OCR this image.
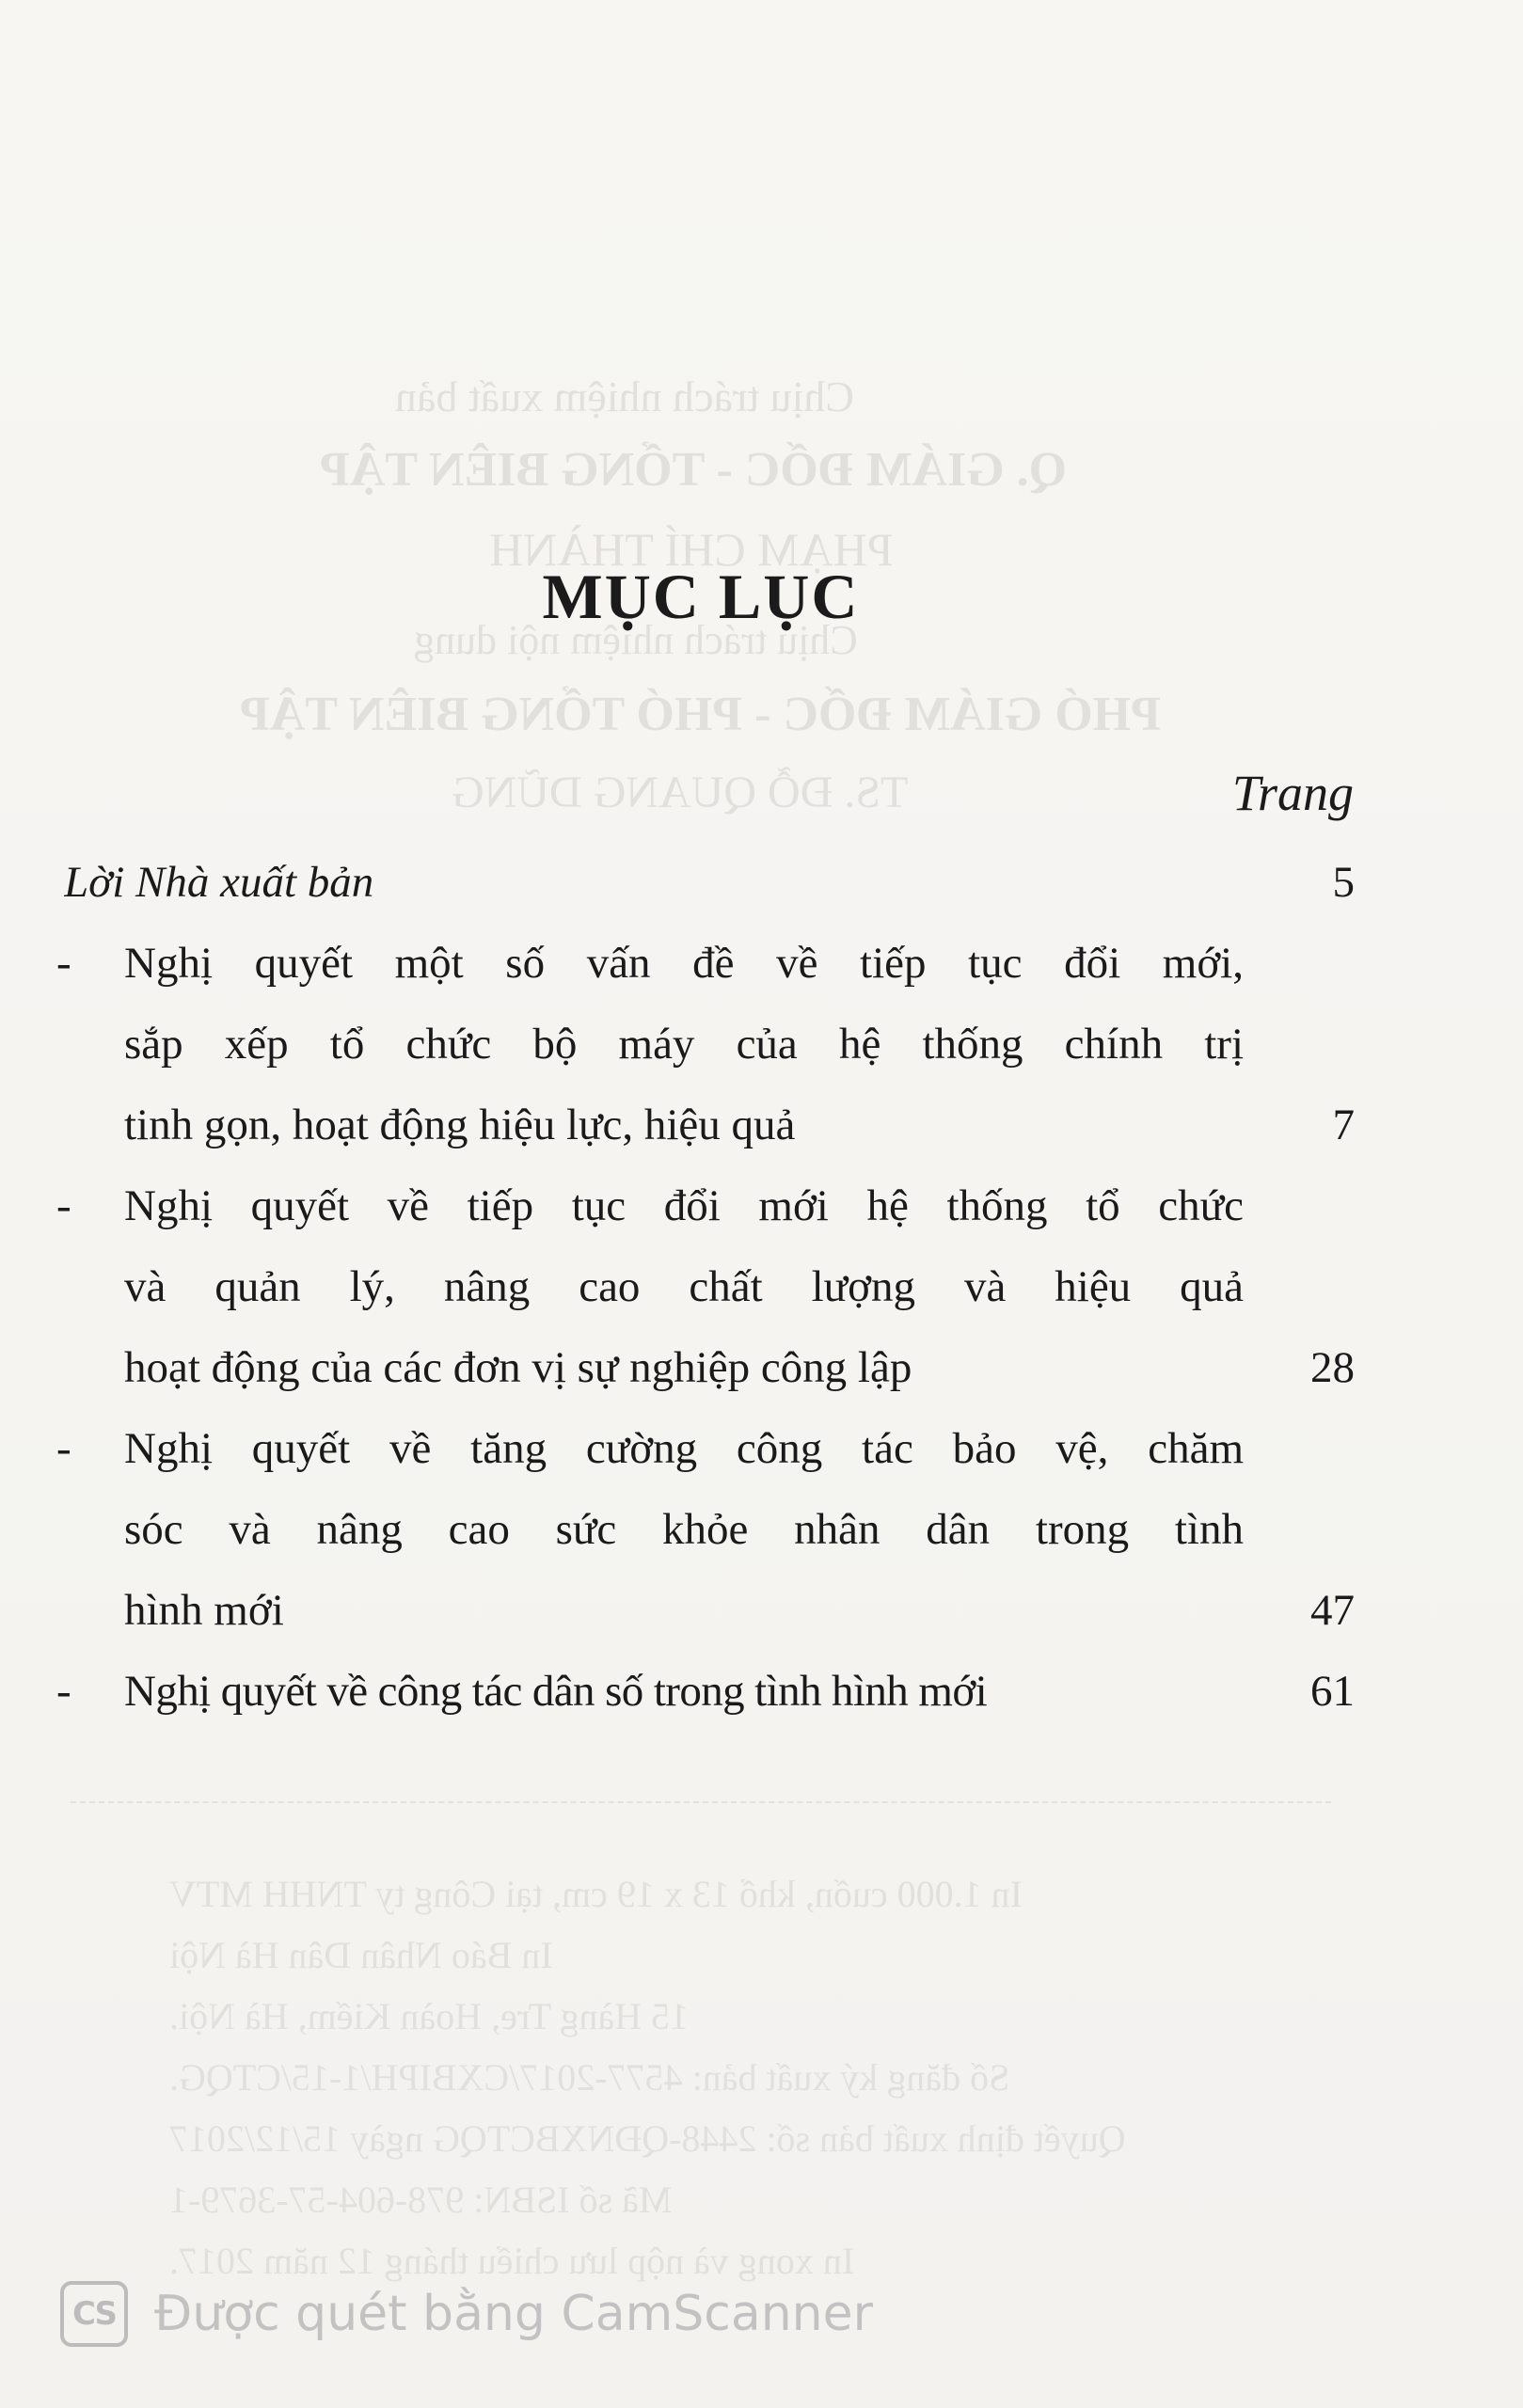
Chịu trách nhiệm xuất bản
Q. GIÁM ĐỐC - TỔNG BIÊN TẬP
PHẠM CHÍ THÀNH
Chịu trách nhiệm nội dung
PHÓ GIÁM ĐỐC - PHÓ TỔNG BIÊN TẬP
TS. ĐỖ QUANG DŨNG
In 1.000 cuốn, khổ 13 x 19 cm, tại Công ty TNHH MTV
In Báo Nhân Dân Hà Nội
15 Hàng Tre, Hoàn Kiếm, Hà Nội.
Số đăng ký xuất bản: 4577-2017/CXBIPH/1-15/CTQG.
Quyết định xuất bản số: 2448-QĐNXBCTQG ngày 15/12/2017
Mã số ISBN: 978-604-57-3679-1
In xong và nộp lưu chiểu tháng 12 năm 2017.
MỤC LỤC
Trang
Lời Nhà xuất bản	5
- Nghị quyết một số vấn đề về tiếp tục đổi mới,
sắp xếp tổ chức bộ máy của hệ thống chính trị
tinh gọn, hoạt động hiệu lực, hiệu quả	7
- Nghị quyết về tiếp tục đổi mới hệ thống tổ chức
và quản lý, nâng cao chất lượng và hiệu quả
hoạt động của các đơn vị sự nghiệp công lập	28
- Nghị quyết về tăng cường công tác bảo vệ, chăm
sóc và nâng cao sức khỏe nhân dân trong tình
hình mới	47
- Nghị quyết về công tác dân số trong tình hình mới	61
CS Được quét bằng CamScanner
